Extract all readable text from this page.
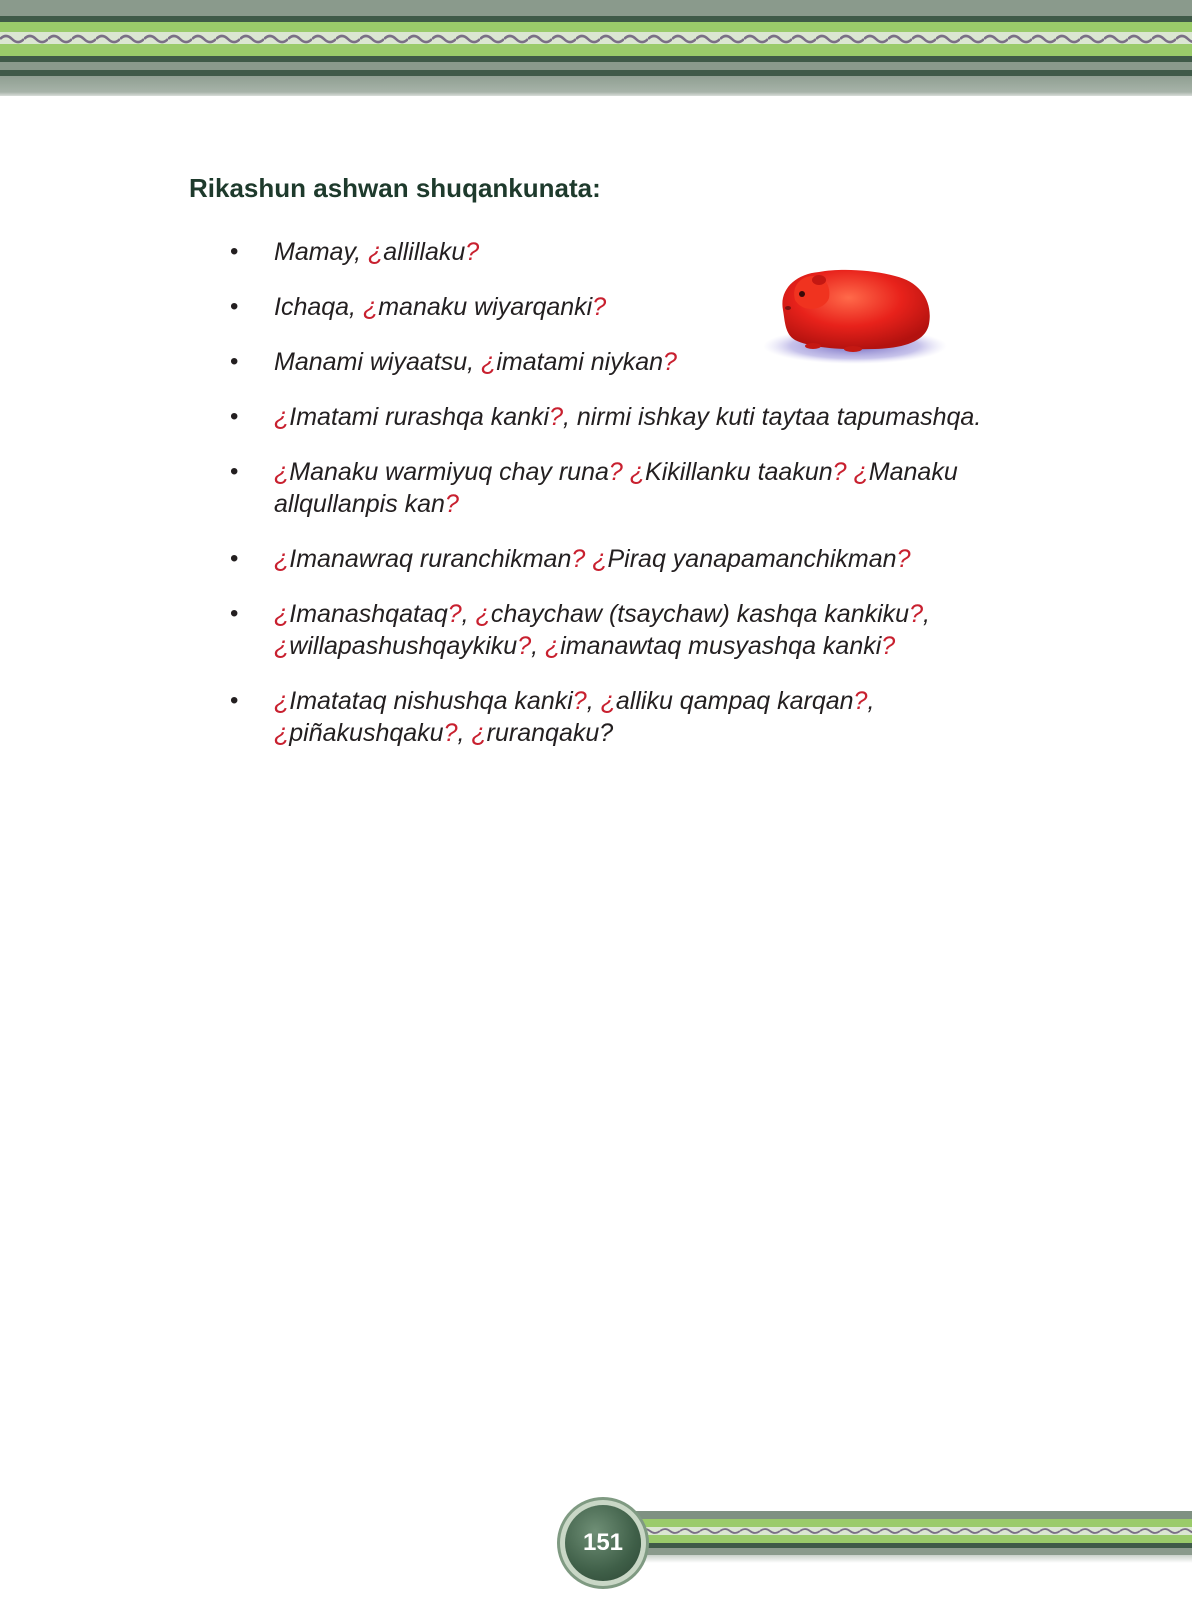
Rikashun ashwan shuqankunata:
• Mamay, ¿allillaku?
• Ichaqa, ¿manaku wiyarqanki?
• Manami wiyaatsu, ¿imatami niykan?
• ¿Imatami rurashqa kanki?, nirmi ishkay kuti taytaa tapumashqa.
• ¿Manaku warmiyuq chay runa? ¿Kikillanku taakun? ¿Manaku allqullanpis kan?
• ¿Imanawraq ruranchikman? ¿Piraq yanapamanchikman?
• ¿Imanashqataq?, ¿chaychaw (tsaychaw) kashqa kankiku?, ¿willapashushqaykiku?, ¿imanawtaq musyashqa kanki?
• ¿Imatataq nishushqa kanki?, ¿alliku qampaq karqan?, ¿piñakushqaku?, ¿ruranqaku?
151
